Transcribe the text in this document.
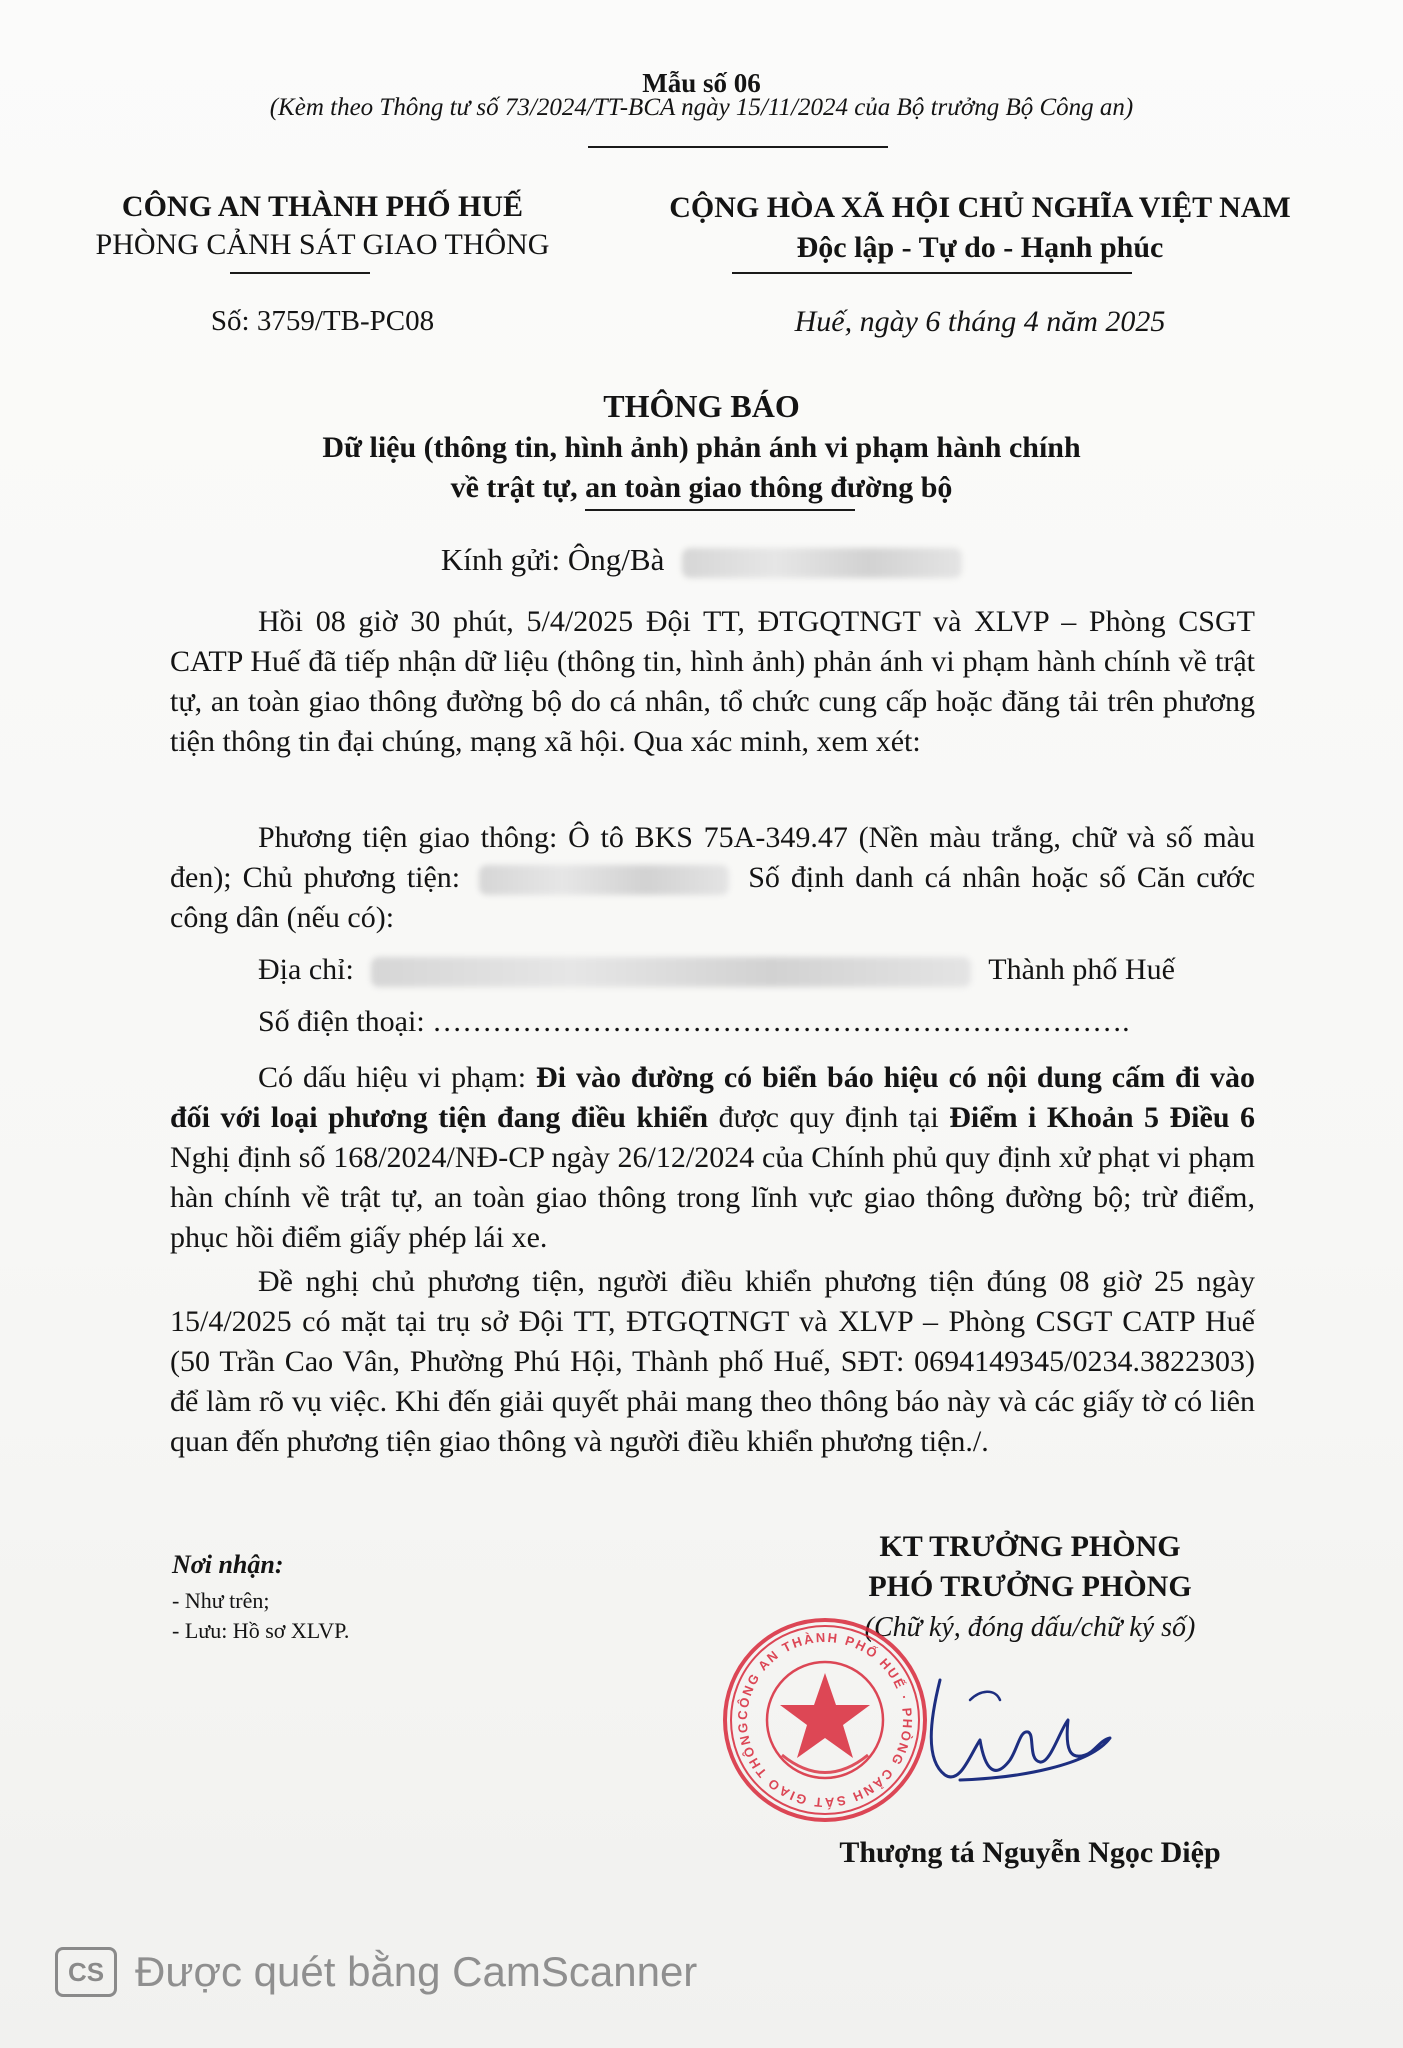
Mẫu số 06
(Kèm theo Thông tư số 73/2024/TT-BCA ngày 15/11/2024 của Bộ trưởng Bộ Công an)
CÔNG AN THÀNH PHỐ HUẾ
PHÒNG CẢNH SÁT GIAO THÔNG
CỘNG HÒA XÃ HỘI CHỦ NGHĨA VIỆT NAM
Độc lập - Tự do - Hạnh phúc
Số: 3759/TB-PC08	Huế, ngày 6 tháng 4 năm 2025
THÔNG BÁO
Dữ liệu (thông tin, hình ảnh) phản ánh vi phạm hành chính
về trật tự, an toàn giao thông đường bộ
Kính gửi: Ông/Bà
Hồi 08 giờ 30 phút, 5/4/2025 Đội TT, ĐTGQTNGT và XLVP – Phòng CSGT CATP Huế đã tiếp nhận dữ liệu (thông tin, hình ảnh) phản ánh vi phạm hành chính về trật tự, an toàn giao thông đường bộ do cá nhân, tổ chức cung cấp hoặc đăng tải trên phương tiện thông tin đại chúng, mạng xã hội. Qua xác minh, xem xét:
Phương tiện giao thông: Ô tô BKS 75A-349.47 (Nền màu trắng, chữ và số màu đen); Chủ phương tiện:	Số định danh cá nhân hoặc số Căn cước công dân (nếu có):
Địa chỉ:	Thành phố Huế
Số điện thoại: …………………………………………………………….
Có dấu hiệu vi phạm: Đi vào đường có biển báo hiệu có nội dung cấm đi vào đối với loại phương tiện đang điều khiển được quy định tại Điểm i Khoản 5 Điều 6 Nghị định số 168/2024/NĐ-CP ngày 26/12/2024 của Chính phủ quy định xử phạt vi phạm hàn chính về trật tự, an toàn giao thông trong lĩnh vực giao thông đường bộ; trừ điểm, phục hồi điểm giấy phép lái xe.
Đề nghị chủ phương tiện, người điều khiển phương tiện đúng 08 giờ 25 ngày 15/4/2025 có mặt tại trụ sở Đội TT, ĐTGQTNGT và XLVP – Phòng CSGT CATP Huế (50 Trần Cao Vân, Phường Phú Hội, Thành phố Huế, SĐT: 0694149345/0234.3822303) để làm rõ vụ việc. Khi đến giải quyết phải mang theo thông báo này và các giấy tờ có liên quan đến phương tiện giao thông và người điều khiển phương tiện./.
Nơi nhận:
- Như trên;
- Lưu: Hồ sơ XLVP.
KT TRƯỞNG PHÒNG
PHÓ TRƯỞNG PHÒNG
(Chữ ký, đóng dấu/chữ ký số)
CÔNG AN THÀNH PHỐ HUẾ · PHÒNG CẢNH SÁT GIAO THÔNG
Thượng tá Nguyễn Ngọc Diệp
CS Được quét bằng CamScanner
